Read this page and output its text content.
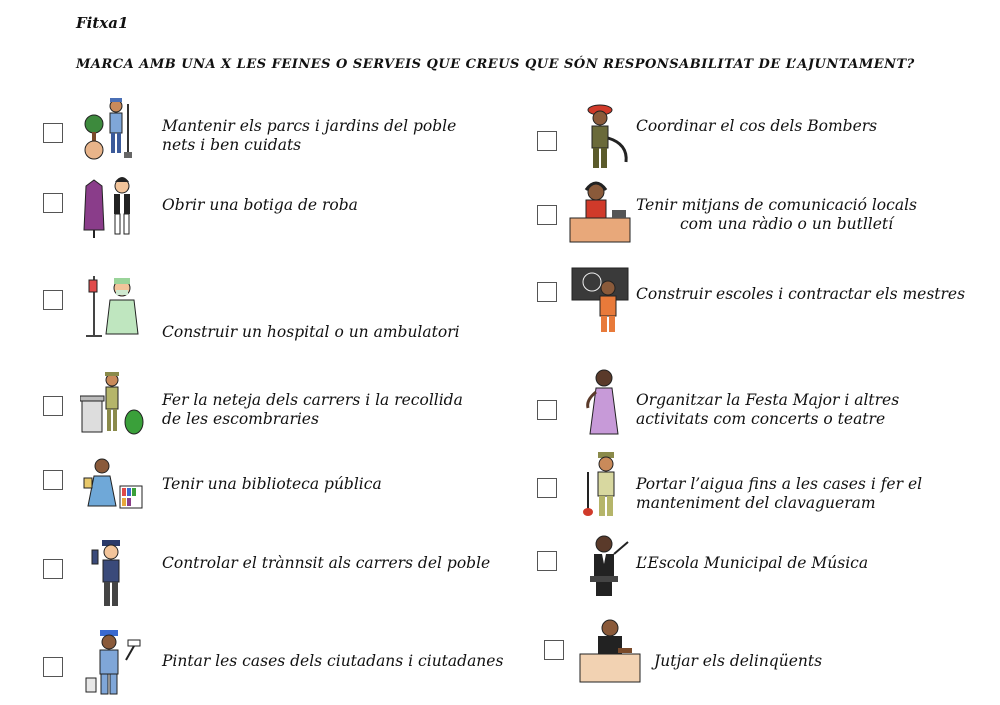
Fitxa1
MARCA AMB UNA X LES FEINES O SERVEIS QUE CREUS QUE SÓN RESPONSABILITAT DE L’AJUNTAMENT?
Mantenir els parcs i jardins del poble
nets i ben cuidats
Obrir una botiga de roba
Construir un hospital o un ambulatori
Fer la neteja dels carrers i la recollida
de les escombraries
Tenir una biblioteca pública
Controlar el trànnsit als carrers del poble
Pintar les cases dels ciutadans i ciutadanes
Coordinar el cos dels Bombers
Tenir mitjans de comunicació locals
com una ràdio o un butlletí
Construir escoles i contractar els mestres
Organitzar la Festa Major i altres
activitats com concerts o teatre
Portar l’aigua fins a les cases i fer el
manteniment del clavagueram
L’Escola Municipal de Música
Jutjar els delinqüents
